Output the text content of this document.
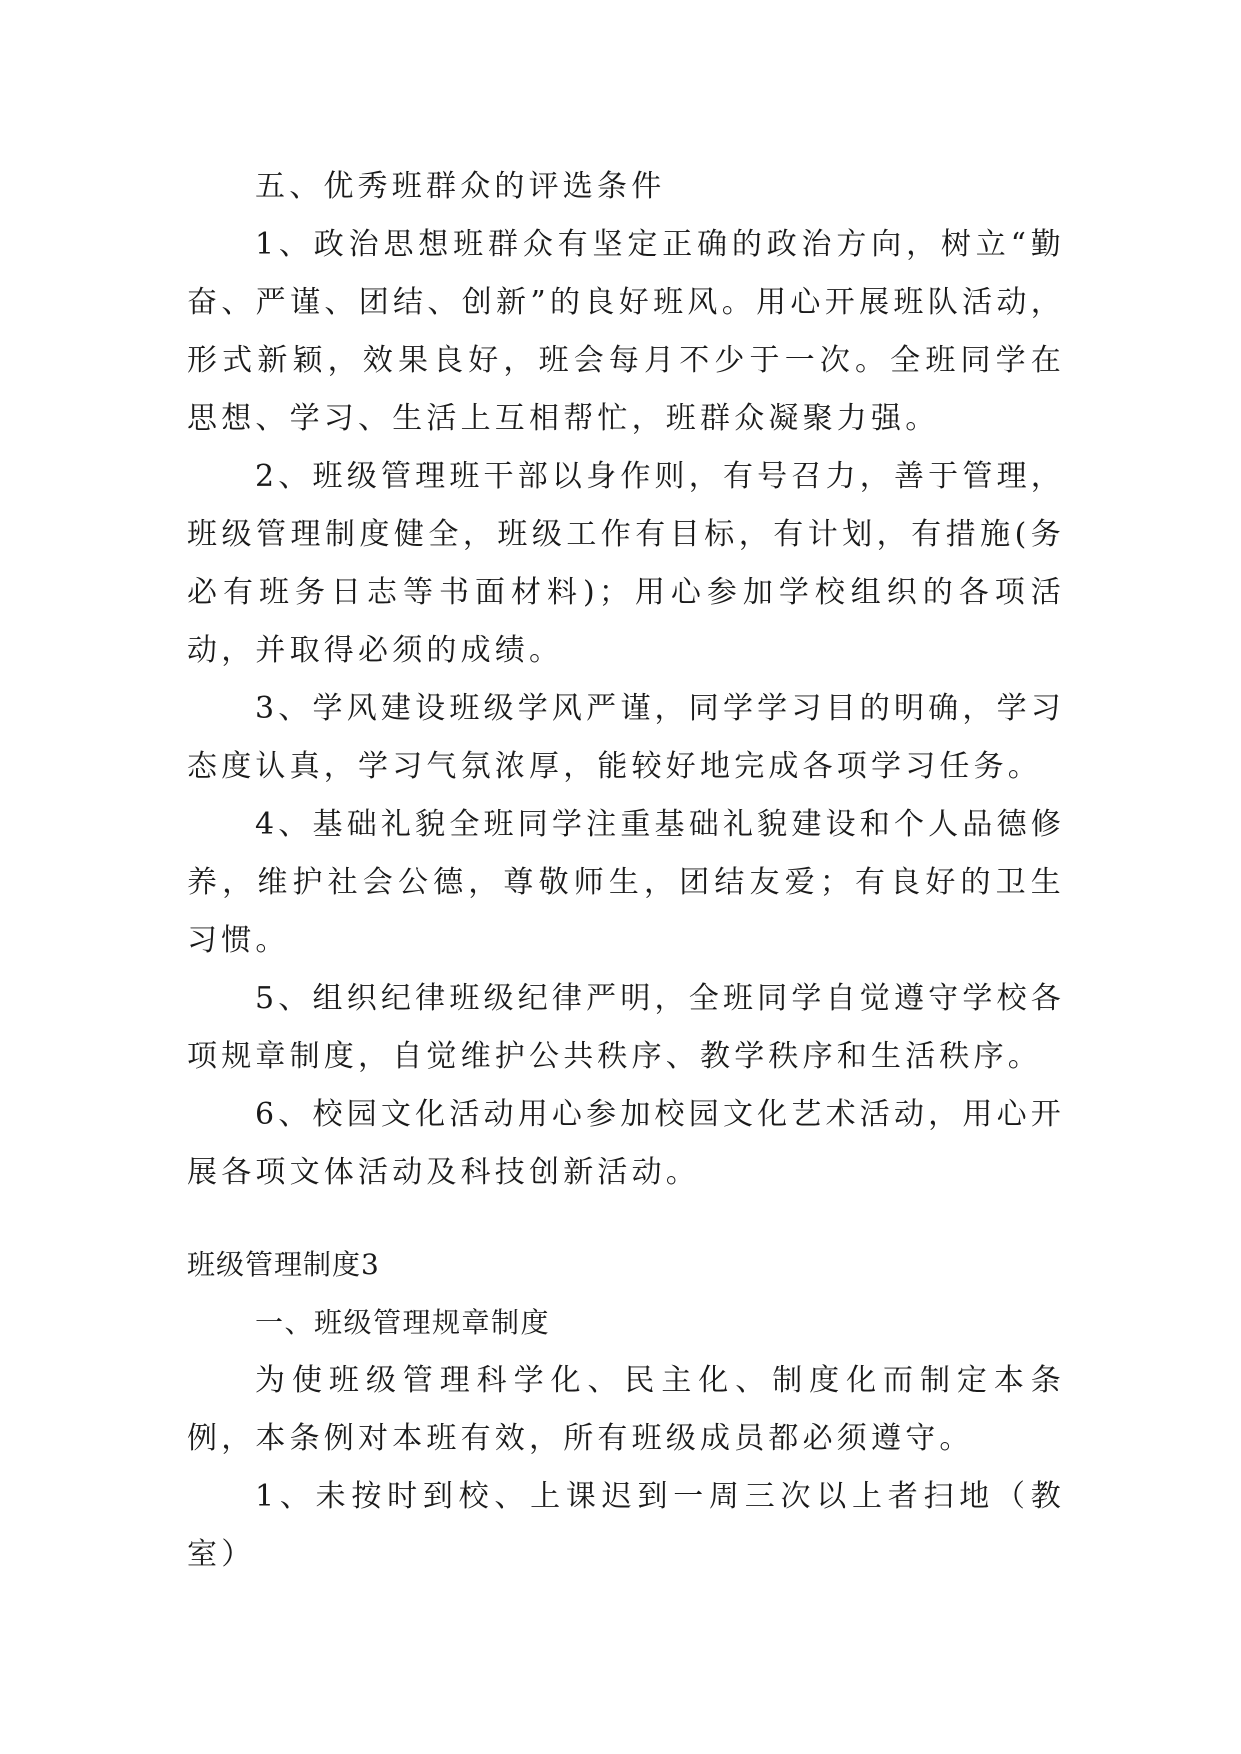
五、优秀班群众的评选条件

1、政治思想班群众有坚定正确的政治方向，树立“勤奋、严谨、团结、创新”的良好班风。用心开展班队活动，形式新颖，效果良好，班会每月不少于一次。全班同学在思想、学习、生活上互相帮忙，班群众凝聚力强。

2、班级管理班干部以身作则，有号召力，善于管理，班级管理制度健全，班级工作有目标，有计划，有措施(务必有班务日志等书面材料)；用心参加学校组织的各项活动，并取得必须的成绩。

3、学风建设班级学风严谨，同学学习目的明确，学习态度认真，学习气氛浓厚，能较好地完成各项学习任务。

4、基础礼貌全班同学注重基础礼貌建设和个人品德修养，维护社会公德，尊敬师生，团结友爱；有良好的卫生习惯。

5、组织纪律班级纪律严明，全班同学自觉遵守学校各项规章制度，自觉维护公共秩序、教学秩序和生活秩序。

6、校园文化活动用心参加校园文化艺术活动，用心开展各项文体活动及科技创新活动。

班级管理制度3

一、班级管理规章制度

为使班级管理科学化、民主化、制度化而制定本条例，本条例对本班有效，所有班级成员都必须遵守。

1、未按时到校、上课迟到一周三次以上者扫地（教室）
